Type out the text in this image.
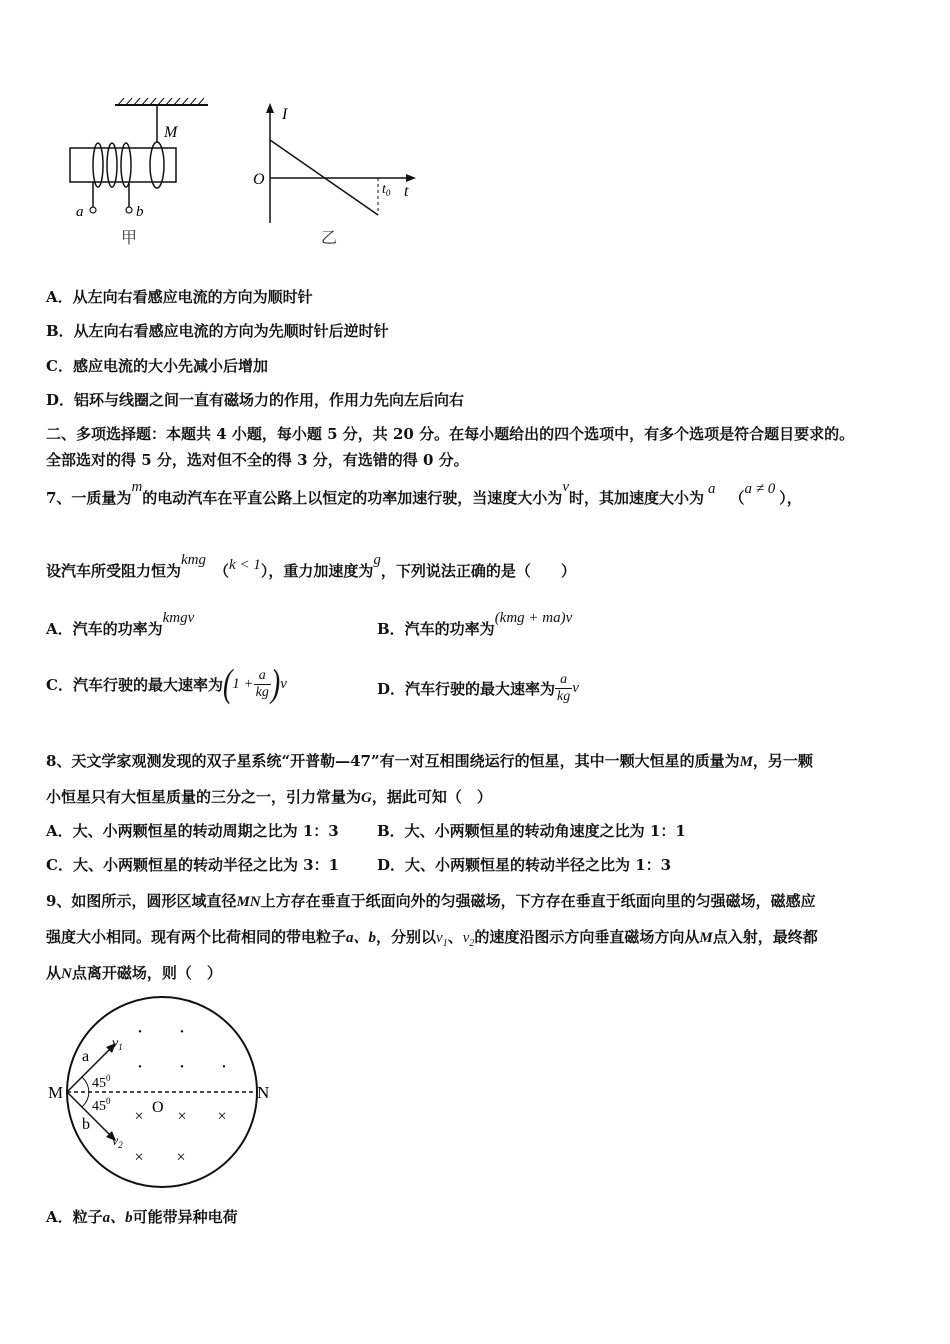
M
a	b
甲
I
O
$t_0$ t
乙
A．从左向右看感应电流的方向为顺时针
B．从左向右看感应电流的方向为先顺时针后逆时针
C．感应电流的大小先减小后增加
D．铝环与线圈之间一直有磁场力的作用，作用力先向左后向右
二、多项选择题：本题共 4 小题，每小题 5 分，共 20 分。在每小题给出的四个选项中，有多个选项是符合题目要求的。
全部选对的得 5 分，选对但不全的得 3 分，有选错的得 0 分。
7、一质量为m的电动汽车在平直公路上以恒定的功率加速行驶，当速度大小为v时，其加速度大小为 a （a ≠ 0 ），
设汽车所受阻力恒为kmg（k < 1），重力加速度为g，下列说法正确的是（　　）
A．汽车的功率为kmgv
B．汽车的功率为(kmg + ma)v
C．汽车行驶的最大速率为$(1 + \frac{a}{kg} )v$	D．汽车行驶的最大速率为 $\frac{a}{kg}$ v
8、天文学家观测发现的双子星系统“开普勒—47”有一对互相围绕运行的恒星，其中一颗大恒星的质量为M，另一颗
小恒星只有大恒星质量的三分之一，引力常量为G，据此可知（　）
A．大、小两颗恒星的转动周期之比为 1：3	B．大、小两颗恒星的转动角速度之比为 1：1
C．大、小两颗恒星的转动半径之比为 3：1	D．大、小两颗恒星的转动半径之比为 1：3
9、如图所示，圆形区域直径MN上方存在垂直于纸面向外的匀强磁场，下方存在垂直于纸面向里的匀强磁场，磁感应
强度大小相同。现有两个比荷相同的带电粒子a、b，分别以$v_1$、$v_2$的速度沿图示方向垂直磁场方向从M点入射，最终都
从N点离开磁场，则（　）
M	N
O
$45^0$
$45^0$
a
b
$v_1$
$v_2$
· ·
· · ·
× × ×
× ×
A．粒子a、b可能带异种电荷
